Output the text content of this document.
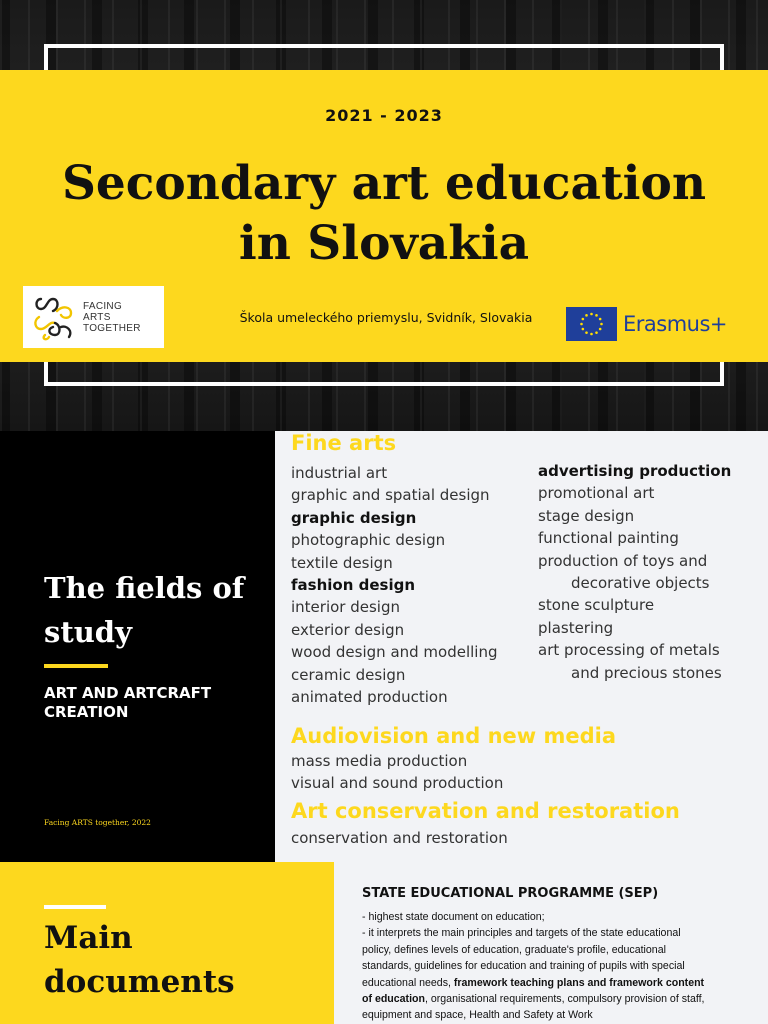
2021 - 2023
Secondary art education
in Slovakia
FACING
ARTS
TOGETHER
Škola umeleckého priemyslu, Svidník, Slovakia	Erasmus+
The fields of study
ART AND ARTCRAFT CREATION
Facing ARTS together, 2022
Fine arts
industrial art
graphic and spatial design
graphic design
photographic design
textile design
fashion design
interior design
exterior design
wood design and modelling
ceramic design
animated production
advertising production
promotional art
stage design
functional painting
production of toys and
decorative objects
stone sculpture
plastering
art processing of metals
and precious stones
Audiovision and new media
mass media production
visual and sound production
Art conservation and restoration
conservation and restoration
Main documents
STATE EDUCATIONAL PROGRAMME (SEP)

- highest state document on education;

- it interprets the main principles and targets of the state educational policy, defines levels of education, graduate's profile, educational standards, guidelines for education and training of pupils with special educational needs, framework teaching plans and framework content of education, organisational requirements, compulsory provision of staff, equipment and space, Health and Safety at Work
